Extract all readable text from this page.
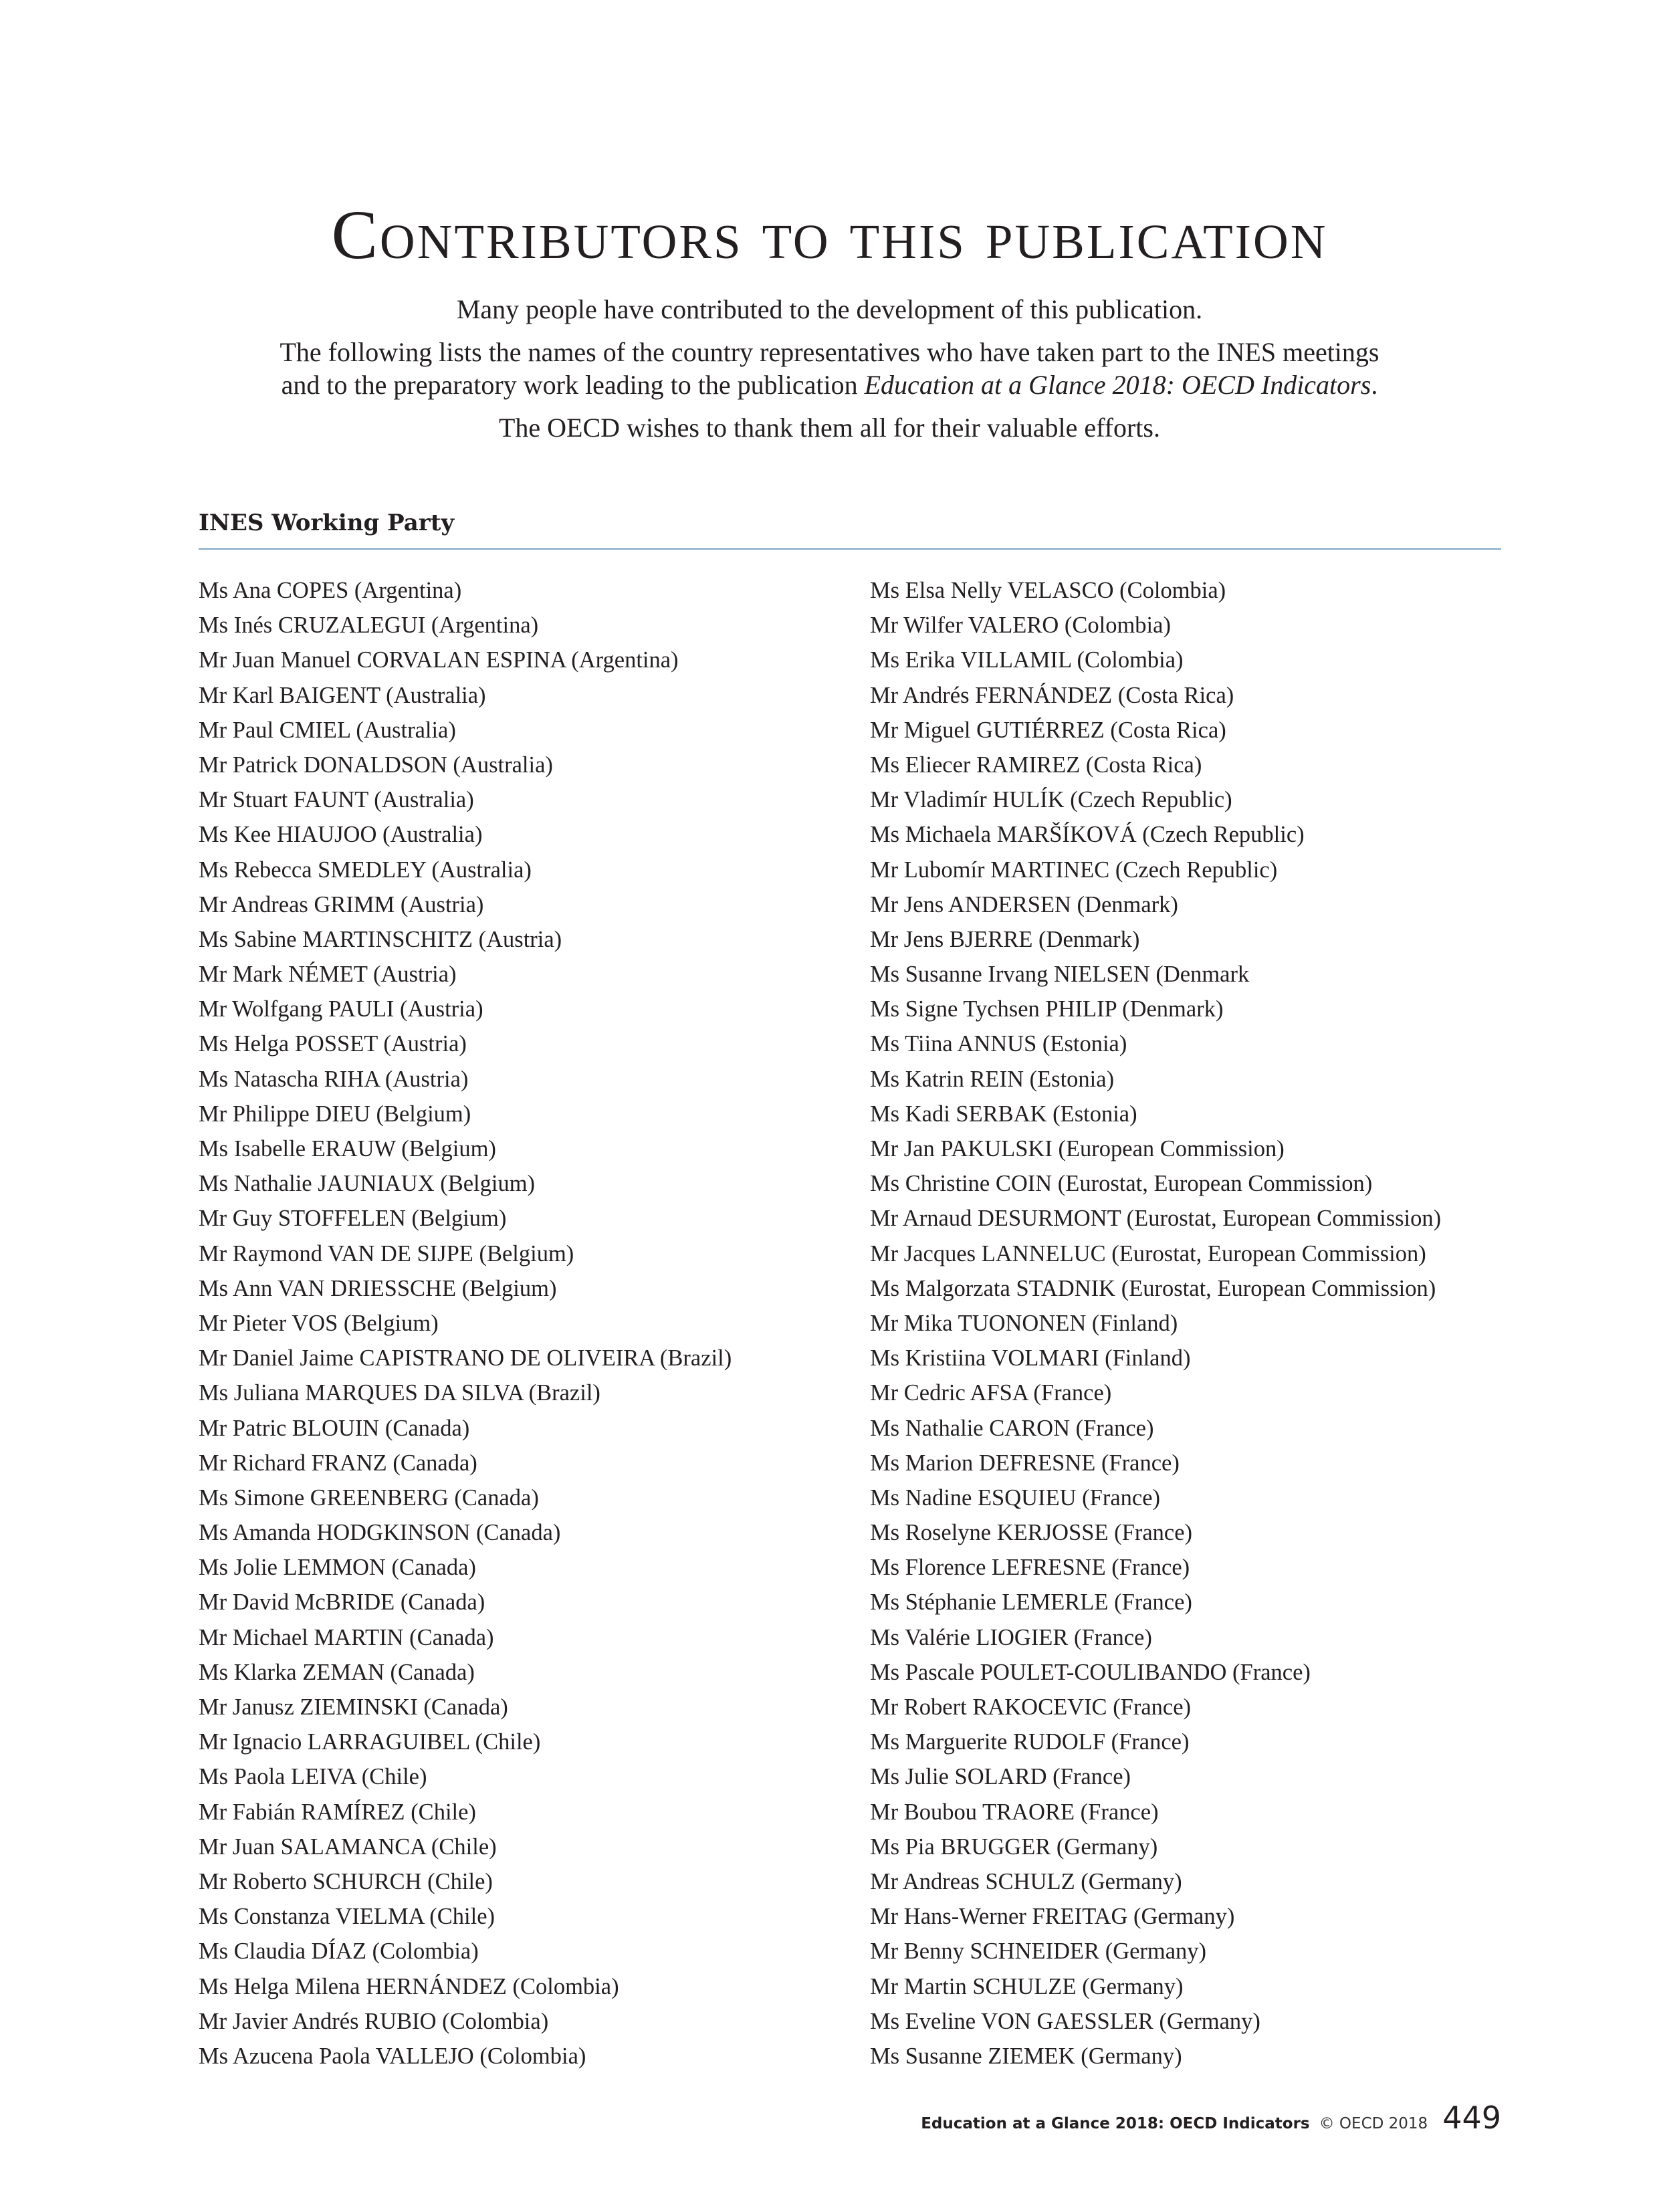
Contributors to this publication

Many people have contributed to the development of this publication.

The following lists the names of the country representatives who have taken part to the INES meetings

and to the preparatory work leading to the publication Education at a Glance 2018: OECD Indicators.

The OECD wishes to thank them all for their valuable efforts.

INES Working Party
Ms Ana COPES (Argentina)
Ms Inés CRUZALEGUI (Argentina)
Mr Juan Manuel CORVALAN ESPINA (Argentina)
Mr Karl BAIGENT (Australia)
Mr Paul CMIEL (Australia)
Mr Patrick DONALDSON (Australia)
Mr Stuart FAUNT (Australia)
Ms Kee HIAUJOO (Australia)
Ms Rebecca SMEDLEY (Australia)
Mr Andreas GRIMM (Austria)
Ms Sabine MARTINSCHITZ (Austria)
Mr Mark NÉMET (Austria)
Mr Wolfgang PAULI (Austria)
Ms Helga POSSET (Austria)
Ms Natascha RIHA (Austria)
Mr Philippe DIEU (Belgium)
Ms Isabelle ERAUW (Belgium)
Ms Nathalie JAUNIAUX (Belgium)
Mr Guy STOFFELEN (Belgium)
Mr Raymond VAN DE SIJPE (Belgium)
Ms Ann VAN DRIESSCHE (Belgium)
Mr Pieter VOS (Belgium)
Mr Daniel Jaime CAPISTRANO DE OLIVEIRA (Brazil)
Ms Juliana MARQUES DA SILVA (Brazil)
Mr Patric BLOUIN (Canada)
Mr Richard FRANZ (Canada)
Ms Simone GREENBERG (Canada)
Ms Amanda HODGKINSON (Canada)
Ms Jolie LEMMON (Canada)
Mr David McBRIDE (Canada)
Mr Michael MARTIN (Canada)
Ms Klarka ZEMAN (Canada)
Mr Janusz ZIEMINSKI (Canada)
Mr Ignacio LARRAGUIBEL (Chile)
Ms Paola LEIVA (Chile)
Mr Fabián RAMÍREZ (Chile)
Mr Juan SALAMANCA (Chile)
Mr Roberto SCHURCH (Chile)
Ms Constanza VIELMA (Chile)
Ms Claudia DÍAZ (Colombia)
Ms Helga Milena HERNÁNDEZ (Colombia)
Mr Javier Andrés RUBIO (Colombia)
Ms Azucena Paola VALLEJO (Colombia)
Ms Elsa Nelly VELASCO (Colombia)
Mr Wilfer VALERO (Colombia)
Ms Erika VILLAMIL (Colombia)
Mr Andrés FERNÁNDEZ (Costa Rica)
Mr Miguel GUTIÉRREZ (Costa Rica)
Ms Eliecer RAMIREZ (Costa Rica)
Mr Vladimír HULÍK (Czech Republic)
Ms Michaela MARŠÍKOVÁ (Czech Republic)
Mr Lubomír MARTINEC (Czech Republic)
Mr Jens ANDERSEN (Denmark)
Mr Jens BJERRE (Denmark)
Ms Susanne Irvang NIELSEN (Denmark
Ms Signe Tychsen PHILIP (Denmark)
Ms Tiina ANNUS (Estonia)
Ms Katrin REIN (Estonia)
Ms Kadi SERBAK (Estonia)
Mr Jan PAKULSKI (European Commission)
Ms Christine COIN (Eurostat, European Commission)
Mr Arnaud DESURMONT (Eurostat, European Commission)
Mr Jacques LANNELUC (Eurostat, European Commission)
Ms Malgorzata STADNIK (Eurostat, European Commission)
Mr Mika TUONONEN (Finland)
Ms Kristiina VOLMARI (Finland)
Mr Cedric AFSA (France)
Ms Nathalie CARON (France)
Ms Marion DEFRESNE (France)
Ms Nadine ESQUIEU (France)
Ms Roselyne KERJOSSE (France)
Ms Florence LEFRESNE (France)
Ms Stéphanie LEMERLE (France)
Ms Valérie LIOGIER (France)
Ms Pascale POULET-COULIBANDO (France)
Mr Robert RAKOCEVIC (France)
Ms Marguerite RUDOLF (France)
Ms Julie SOLARD (France)
Mr Boubou TRAORE (France)
Ms Pia BRUGGER (Germany)
Mr Andreas SCHULZ (Germany)
Mr Hans-Werner FREITAG (Germany)
Mr Benny SCHNEIDER (Germany)
Mr Martin SCHULZE (Germany)
Ms Eveline VON GAESSLER (Germany)
Ms Susanne ZIEMEK (Germany)
Education at a Glance 2018: OECD Indicators © OECD 2018 449
